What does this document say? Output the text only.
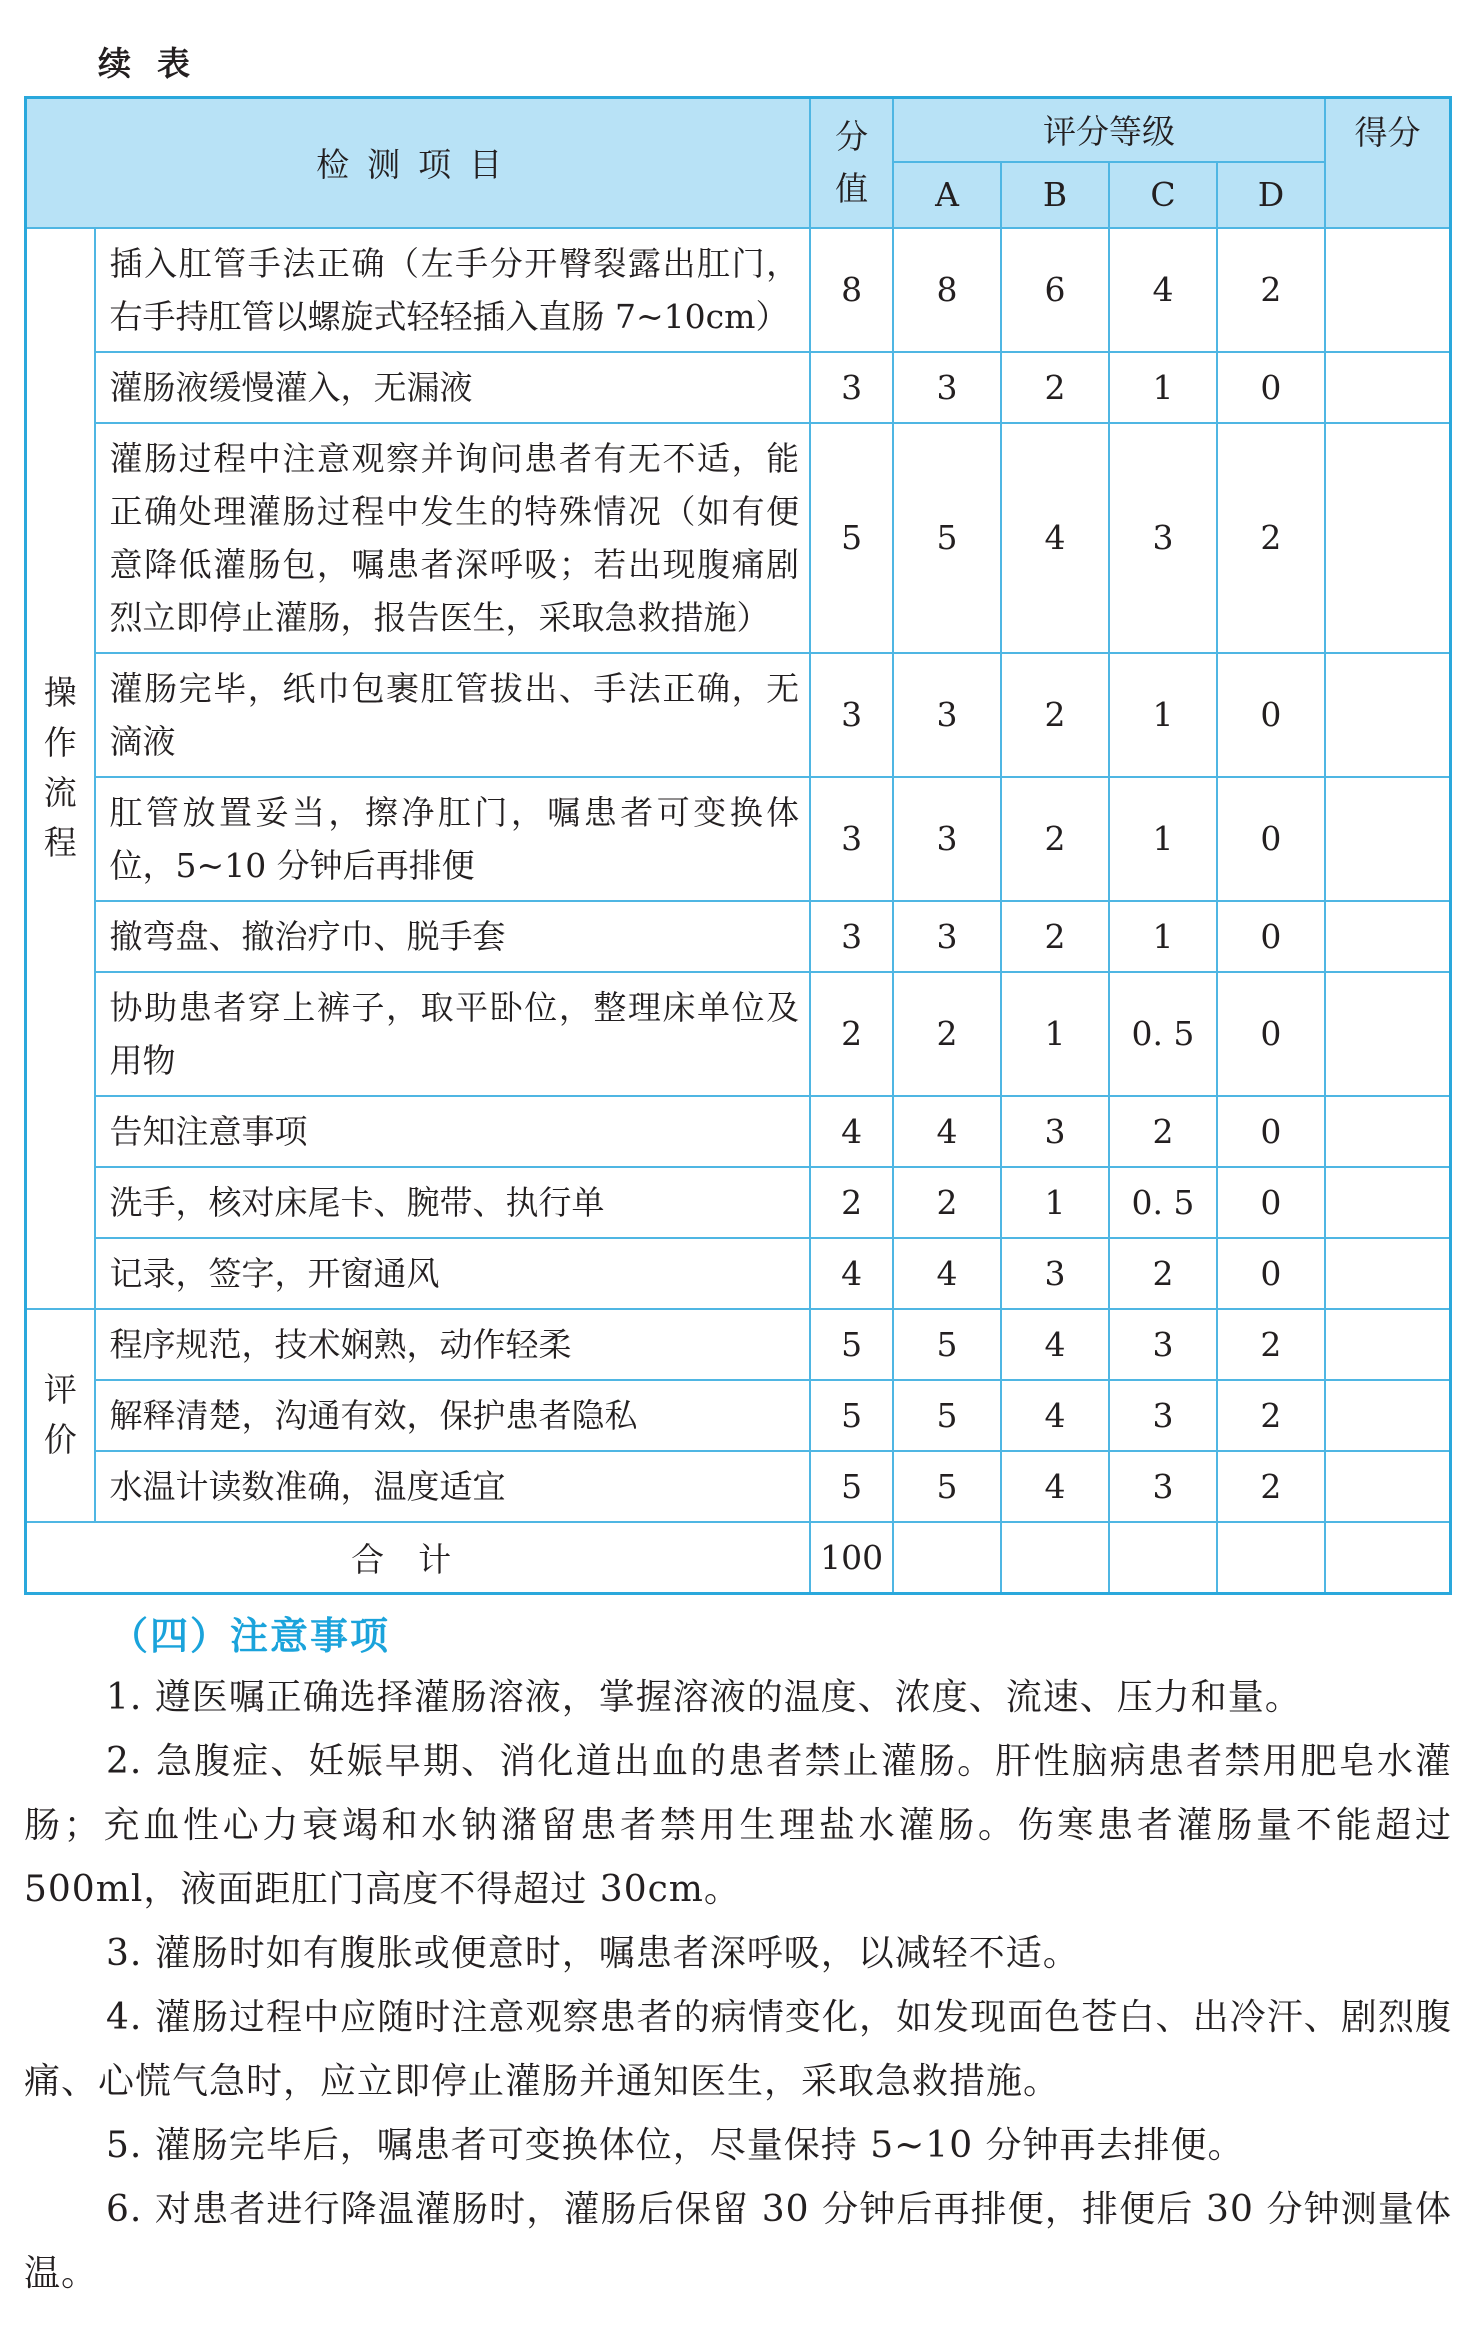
续表
检测项目		分值	评分等级				得分
			A	B	C	D	

操作流程	插入肛管手法正确（左手分开臀裂露出肛门，右手持肛管以螺旋式轻轻插入直肠 7~10cm）	8	8	6	4	2	
	灌肠液缓慢灌入，无漏液	3	3	2	1	0	
	灌肠过程中注意观察并询问患者有无不适，能正确处理灌肠过程中发生的特殊情况（如有便意降低灌肠包，嘱患者深呼吸；若出现腹痛剧烈立即停止灌肠，报告医生，采取急救措施）	5	5	4	3	2	
	灌肠完毕，纸巾包裹肛管拔出、手法正确，无滴液	3	3	2	1	0	
	肛管放置妥当，擦净肛门，嘱患者可变换体位，5~10 分钟后再排便	3	3	2	1	0	
	撤弯盘、撤治疗巾、脱手套	3	3	2	1	0	
	协助患者穿上裤子，取平卧位，整理床单位及用物	2	2	1	0. 5	0	
	告知注意事项	4	4	3	2	0	
	洗手，核对床尾卡、腕带、执行单	2	2	1	0. 5	0	
	记录，签字，开窗通风	4	4	3	2	0	

评价	程序规范，技术娴熟，动作轻柔	5	5	4	3	2	
	解释清楚，沟通有效，保护患者隐私	5	5	4	3	2	
	水温计读数准确，温度适宜	5	5	4	3	2	
合计		100					
（四）注意事项

1. 遵医嘱正确选择灌肠溶液，掌握溶液的温度、浓度、流速、压力和量。

2. 急腹症、妊娠早期、消化道出血的患者禁止灌肠。肝性脑病患者禁用肥皂水灌肠；充血性心力衰竭和水钠潴留患者禁用生理盐水灌肠。伤寒患者灌肠量不能超过 500ml，液面距肛门高度不得超过 30cm。

3. 灌肠时如有腹胀或便意时，嘱患者深呼吸，以减轻不适。

4. 灌肠过程中应随时注意观察患者的病情变化，如发现面色苍白、出冷汗、剧烈腹痛、心慌气急时，应立即停止灌肠并通知医生，采取急救措施。

5. 灌肠完毕后，嘱患者可变换体位，尽量保持 5~10 分钟再去排便。

6. 对患者进行降温灌肠时，灌肠后保留 30 分钟后再排便，排便后 30 分钟测量体温。
